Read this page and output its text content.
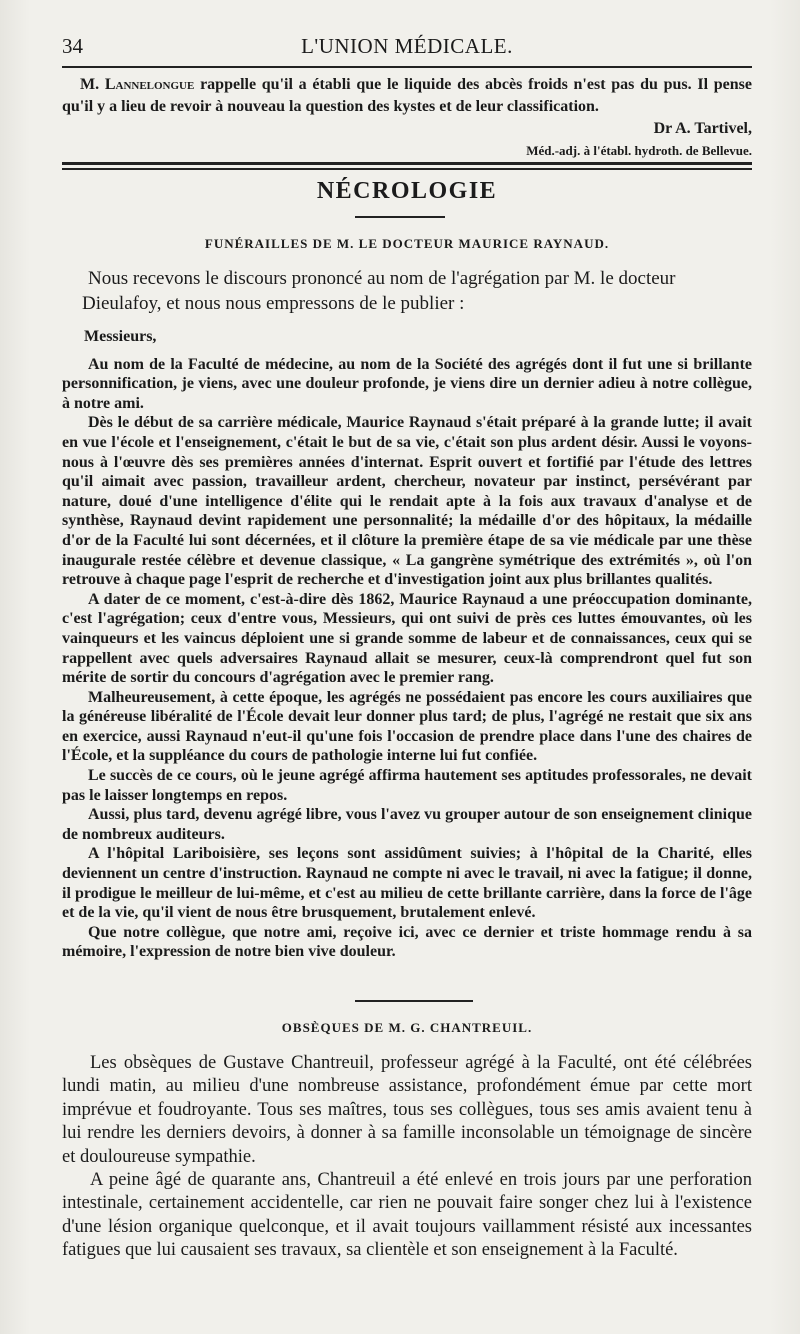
34	L'UNION MÉDICALE.

M. Lannelongue rappelle qu'il a établi que le liquide des abcès froids n'est pas du pus. Il pense qu'il y a lieu de revoir à nouveau la question des kystes et de leur classification.

Dr A. Tartivel,
Méd.-adj. à l'établ. hydroth. de Bellevue.
NÉCROLOGIE
FUNÉRAILLES DE M. LE DOCTEUR MAURICE RAYNAUD.

Nous recevons le discours prononcé au nom de l'agrégation par M. le docteur

Dieulafoy, et nous nous empressons de le publier :

Messieurs,

Au nom de la Faculté de médecine, au nom de la Société des agrégés dont il fut une si brillante personnification, je viens, avec une douleur profonde, je viens dire un dernier adieu à notre collègue, à notre ami.

Dès le début de sa carrière médicale, Maurice Raynaud s'était préparé à la grande lutte; il avait en vue l'école et l'enseignement, c'était le but de sa vie, c'était son plus ardent désir. Aussi le voyons-nous à l'œuvre dès ses premières années d'internat. Esprit ouvert et fortifié par l'étude des lettres qu'il aimait avec passion, travailleur ardent, chercheur, novateur par instinct, persévérant par nature, doué d'une intelligence d'élite qui le rendait apte à la fois aux travaux d'analyse et de synthèse, Raynaud devint rapidement une personnalité; la médaille d'or des hôpitaux, la médaille d'or de la Faculté lui sont décernées, et il clôture la première étape de sa vie médicale par une thèse inaugurale restée célèbre et devenue classique, « La gangrène symétrique des extrémités », où l'on retrouve à chaque page l'esprit de recherche et d'investigation joint aux plus brillantes qualités.

A dater de ce moment, c'est-à-dire dès 1862, Maurice Raynaud a une préoccupation dominante, c'est l'agrégation; ceux d'entre vous, Messieurs, qui ont suivi de près ces luttes émouvantes, où les vainqueurs et les vaincus déploient une si grande somme de labeur et de connaissances, ceux qui se rappellent avec quels adversaires Raynaud allait se mesurer, ceux-là comprendront quel fut son mérite de sortir du concours d'agrégation avec le premier rang.

Malheureusement, à cette époque, les agrégés ne possédaient pas encore les cours auxiliaires que la généreuse libéralité de l'École devait leur donner plus tard; de plus, l'agrégé ne restait que six ans en exercice, aussi Raynaud n'eut-il qu'une fois l'occasion de prendre place dans l'une des chaires de l'École, et la suppléance du cours de pathologie interne lui fut confiée.

Le succès de ce cours, où le jeune agrégé affirma hautement ses aptitudes professorales, ne devait pas le laisser longtemps en repos.

Aussi, plus tard, devenu agrégé libre, vous l'avez vu grouper autour de son enseignement clinique de nombreux auditeurs.

A l'hôpital Lariboisière, ses leçons sont assidûment suivies; à l'hôpital de la Charité, elles deviennent un centre d'instruction. Raynaud ne compte ni avec le travail, ni avec la fatigue; il donne, il prodigue le meilleur de lui-même, et c'est au milieu de cette brillante carrière, dans la force de l'âge et de la vie, qu'il vient de nous être brusquement, brutalement enlevé.

Que notre collègue, que notre ami, reçoive ici, avec ce dernier et triste hommage rendu à sa mémoire, l'expression de notre bien vive douleur.

OBSÈQUES DE M. G. CHANTREUIL.

Les obsèques de Gustave Chantreuil, professeur agrégé à la Faculté, ont été célébrées lundi matin, au milieu d'une nombreuse assistance, profondément émue par cette mort imprévue et foudroyante. Tous ses maîtres, tous ses collègues, tous ses amis avaient tenu à lui rendre les derniers devoirs, à donner à sa famille inconsolable un témoignage de sincère et douloureuse sympathie.

A peine âgé de quarante ans, Chantreuil a été enlevé en trois jours par une perforation intestinale, certainement accidentelle, car rien ne pouvait faire songer chez lui à l'existence d'une lésion organique quelconque, et il avait toujours vaillamment résisté aux incessantes fatigues que lui causaient ses travaux, sa clientèle et son enseignement à la Faculté.
